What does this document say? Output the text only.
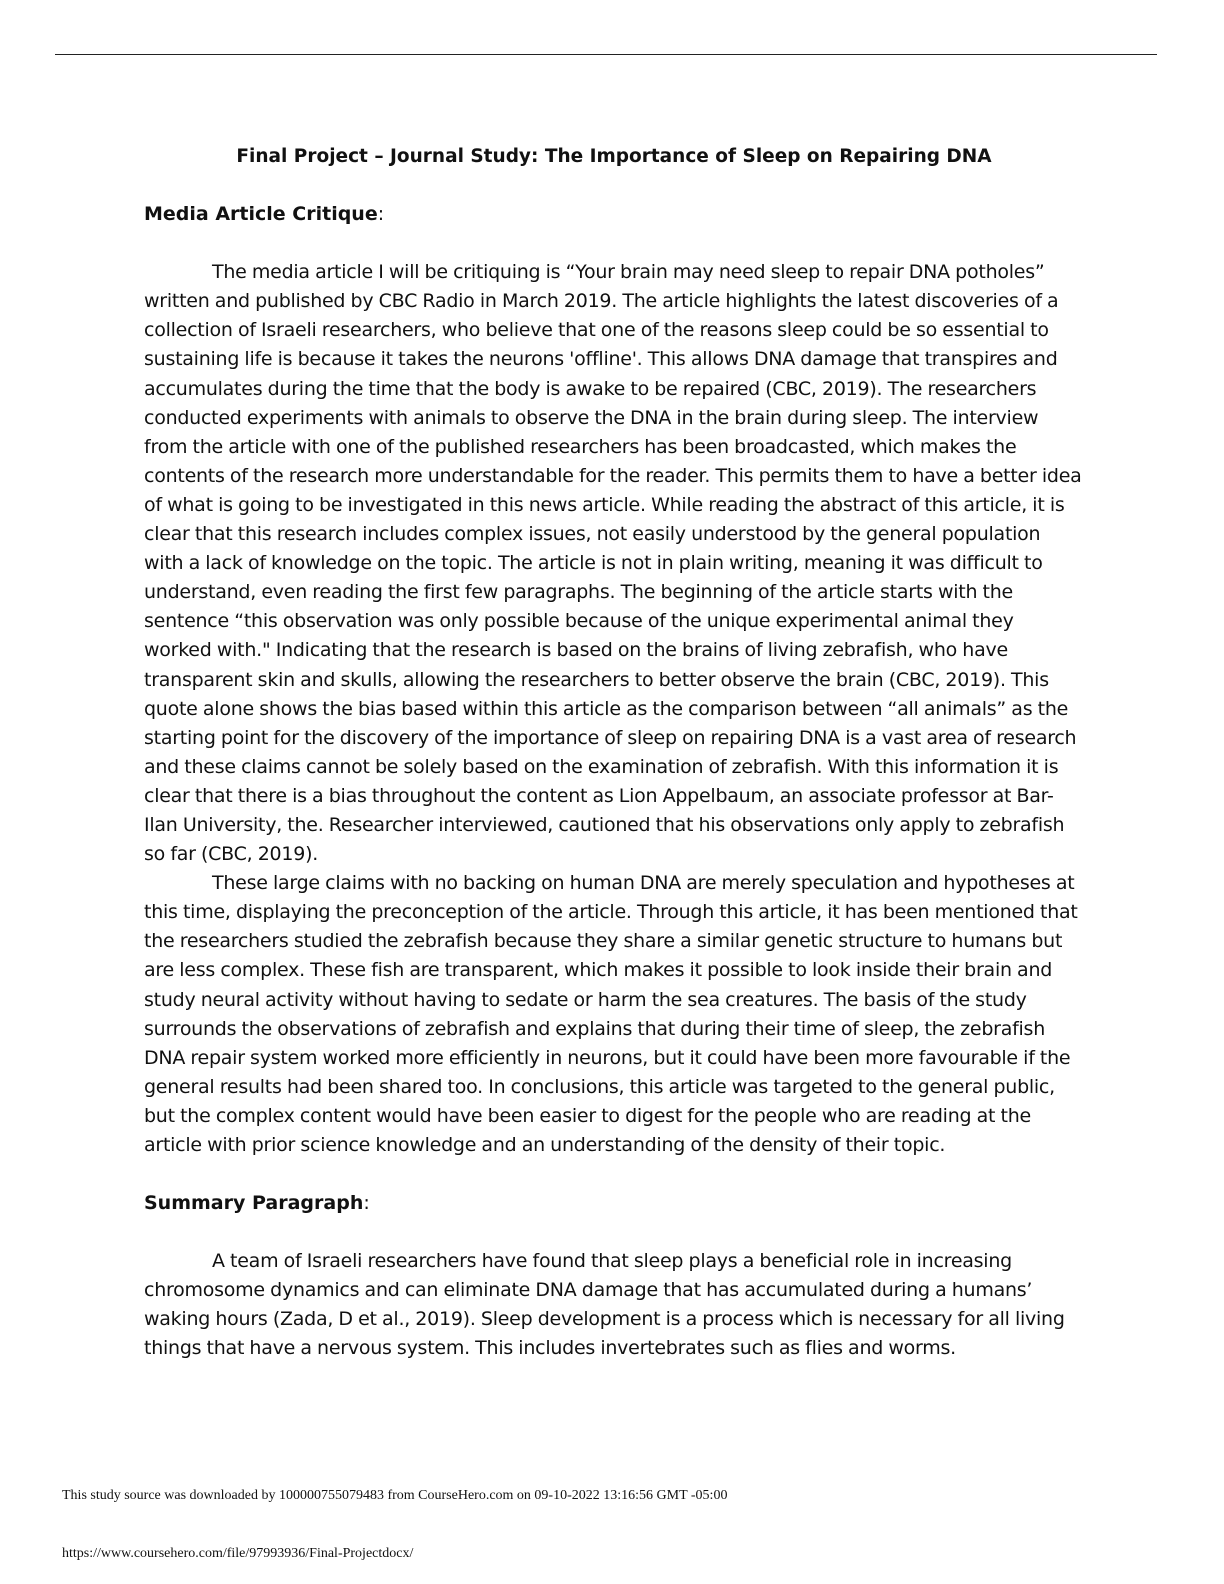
Final Project – Journal Study: The Importance of Sleep on Repairing DNA
Media Article Critique:

The media article I will be critiquing is “Your brain may need sleep to repair DNA potholes” written and published by CBC Radio in March 2019. The article highlights the latest discoveries of a collection of Israeli researchers, who believe that one of the reasons sleep could be so essential to sustaining life is because it takes the neurons 'offline'. This allows DNA damage that transpires and accumulates during the time that the body is awake to be repaired (CBC, 2019). The researchers conducted experiments with animals to observe the DNA in the brain during sleep. The interview from the article with one of the published researchers has been broadcasted, which makes the contents of the research more understandable for the reader. This permits them to have a better idea of what is going to be investigated in this news article. While reading the abstract of this article, it is clear that this research includes complex issues, not easily understood by the general population with a lack of knowledge on the topic. The article is not in plain writing, meaning it was difficult to understand, even reading the first few paragraphs. The beginning of the article starts with the sentence “this observation was only possible because of the unique experimental animal they worked with." Indicating that the research is based on the brains of living zebrafish, who have transparent skin and skulls, allowing the researchers to better observe the brain (CBC, 2019). This quote alone shows the bias based within this article as the comparison between “all animals” as the starting point for the discovery of the importance of sleep on repairing DNA is a vast area of research and these claims cannot be solely based on the examination of zebrafish. With this information it is clear that there is a bias throughout the content as Lion Appelbaum, an associate professor at Bar-Ilan University, the. Researcher interviewed, cautioned that his observations only apply to zebrafish so far (CBC, 2019).

These large claims with no backing on human DNA are merely speculation and hypotheses at this time, displaying the preconception of the article. Through this article, it has been mentioned that the researchers studied the zebrafish because they share a similar genetic structure to humans but are less complex. These fish are transparent, which makes it possible to look inside their brain and study neural activity without having to sedate or harm the sea creatures. The basis of the study surrounds the observations of zebrafish and explains that during their time of sleep, the zebrafish DNA repair system worked more efficiently in neurons, but it could have been more favourable if the general results had been shared too. In conclusions, this article was targeted to the general public, but the complex content would have been easier to digest for the people who are reading at the article with prior science knowledge and an understanding of the density of their topic.

Summary Paragraph:

A team of Israeli researchers have found that sleep plays a beneficial role in increasing chromosome dynamics and can eliminate DNA damage that has accumulated during a humans’ waking hours (Zada, D et al., 2019). Sleep development is a process which is necessary for all living things that have a nervous system. This includes invertebrates such as flies and worms.

This study source was downloaded by 100000755079483 from CourseHero.com on 09-10-2022 13:16:56 GMT -05:00
https://www.coursehero.com/file/97993936/Final-Projectdocx/
